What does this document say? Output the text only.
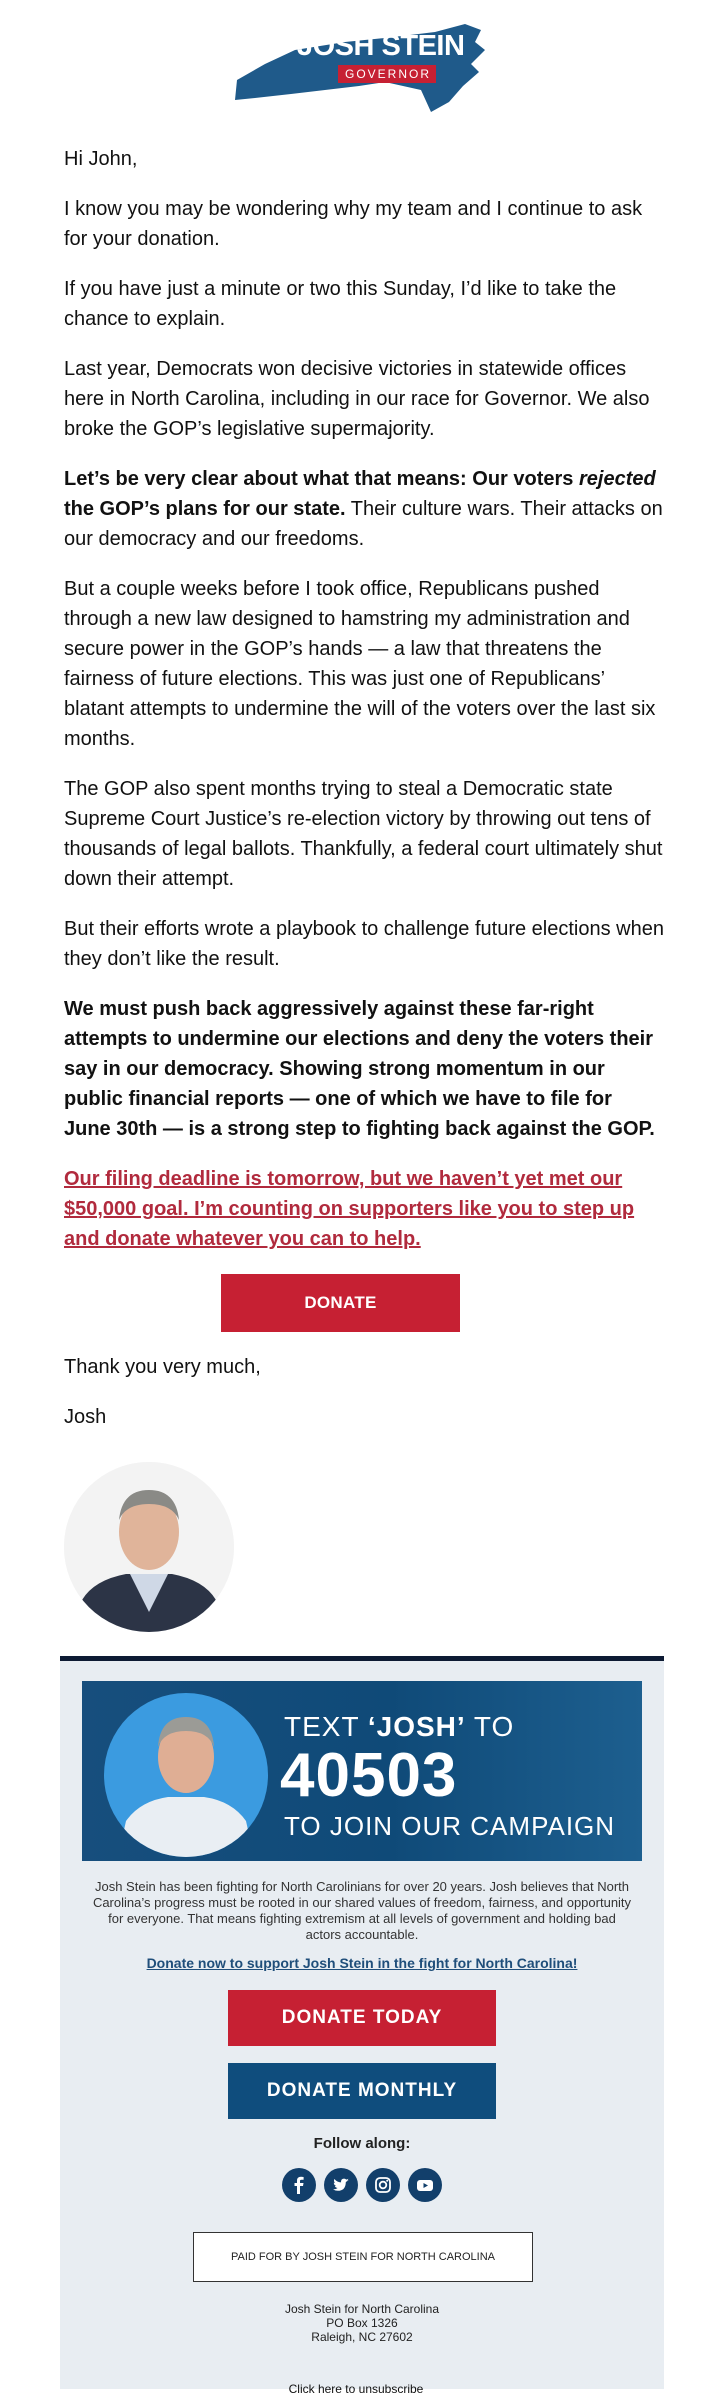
JOSH STEIN
GOVERNOR

Hi John,

I know you may be wondering why my team and I continue to ask for your donation.

If you have just a minute or two this Sunday, I’d like to take the chance to explain.

Last year, Democrats won decisive victories in statewide offices here in North Carolina, including in our race for Governor. We also broke the GOP’s legislative supermajority.

Let’s be very clear about what that means: Our voters rejected the GOP’s plans for our state. Their culture wars. Their attacks on our democracy and our freedoms.

But a couple weeks before I took office, Republicans pushed through a new law designed to hamstring my administration and secure power in the GOP’s hands — a law that threatens the fairness of future elections. This was just one of Republicans’ blatant attempts to undermine the will of the voters over the last six months.

The GOP also spent months trying to steal a Democratic state Supreme Court Justice’s re-election victory by throwing out tens of thousands of legal ballots. Thankfully, a federal court ultimately shut down their attempt.

But their efforts wrote a playbook to challenge future elections when they don’t like the result.

We must push back aggressively against these far-right attempts to undermine our elections and deny the voters their say in our democracy. Showing strong momentum in our public financial reports — one of which we have to file for June 30th — is a strong step to fighting back against the GOP.

Our filing deadline is tomorrow, but we haven’t yet met our $50,000 goal. I’m counting on supporters like you to step up and donate whatever you can to help.

DONATE

Thank you very much,

Josh

TEXT ‘JOSH’ TO
40503
TO JOIN OUR CAMPAIGN
Josh Stein has been fighting for North Carolinians for over 20 years. Josh believes that North Carolina’s progress must be rooted in our shared values of freedom, fairness, and opportunity for everyone. That means fighting extremism at all levels of government and holding bad actors accountable.
Donate now to support Josh Stein in the fight for North Carolina!
DONATE TODAY
DONATE MONTHLY
Follow along:
PAID FOR BY JOSH STEIN FOR NORTH CAROLINA
Josh Stein for North Carolina
PO Box 1326
Raleigh, NC 27602
Click here to unsubscribe
